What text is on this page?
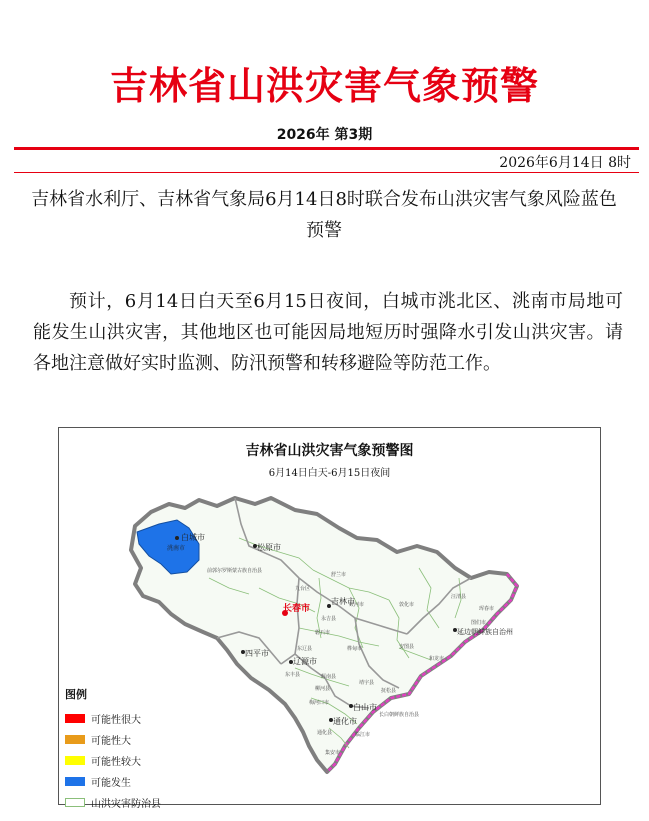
吉林省山洪灾害气象预警
2026年 第3期
2026年6月14日 8时
吉林省水利厅、吉林省气象局6月14日8时联合发布山洪灾害气象风险蓝色预警
预计，6月14日白天至6月15日夜间，白城市洮北区、洮南市局地可能发生山洪灾害，其他地区也可能因局地短历时强降水引发山洪灾害。请各地注意做好实时监测、防汛预警和转移避险等防范工作。
白城市
洮南市	松原市
长春市
吉林市
四平市
辽源市
通化市
白山市
延边朝鲜族自治州
前郭尔罗斯蒙古族自治县
舒兰市
蛟河市	敦化市
汪清县
珲春市
安图县
和龙市
桦甸市
磐石市
永吉县
九台区
东丰县
柳河县
辉南县
靖宇县
抚松县
临江市
长白朝鲜族自治县
集安市
通化县
东辽县
梅河口市
图们市
吉林省山洪灾害气象预警图
6月14日白天-6月15日夜间
图例
可能性很大
可能性大
可能性较大
可能发生
山洪灾害防治县
